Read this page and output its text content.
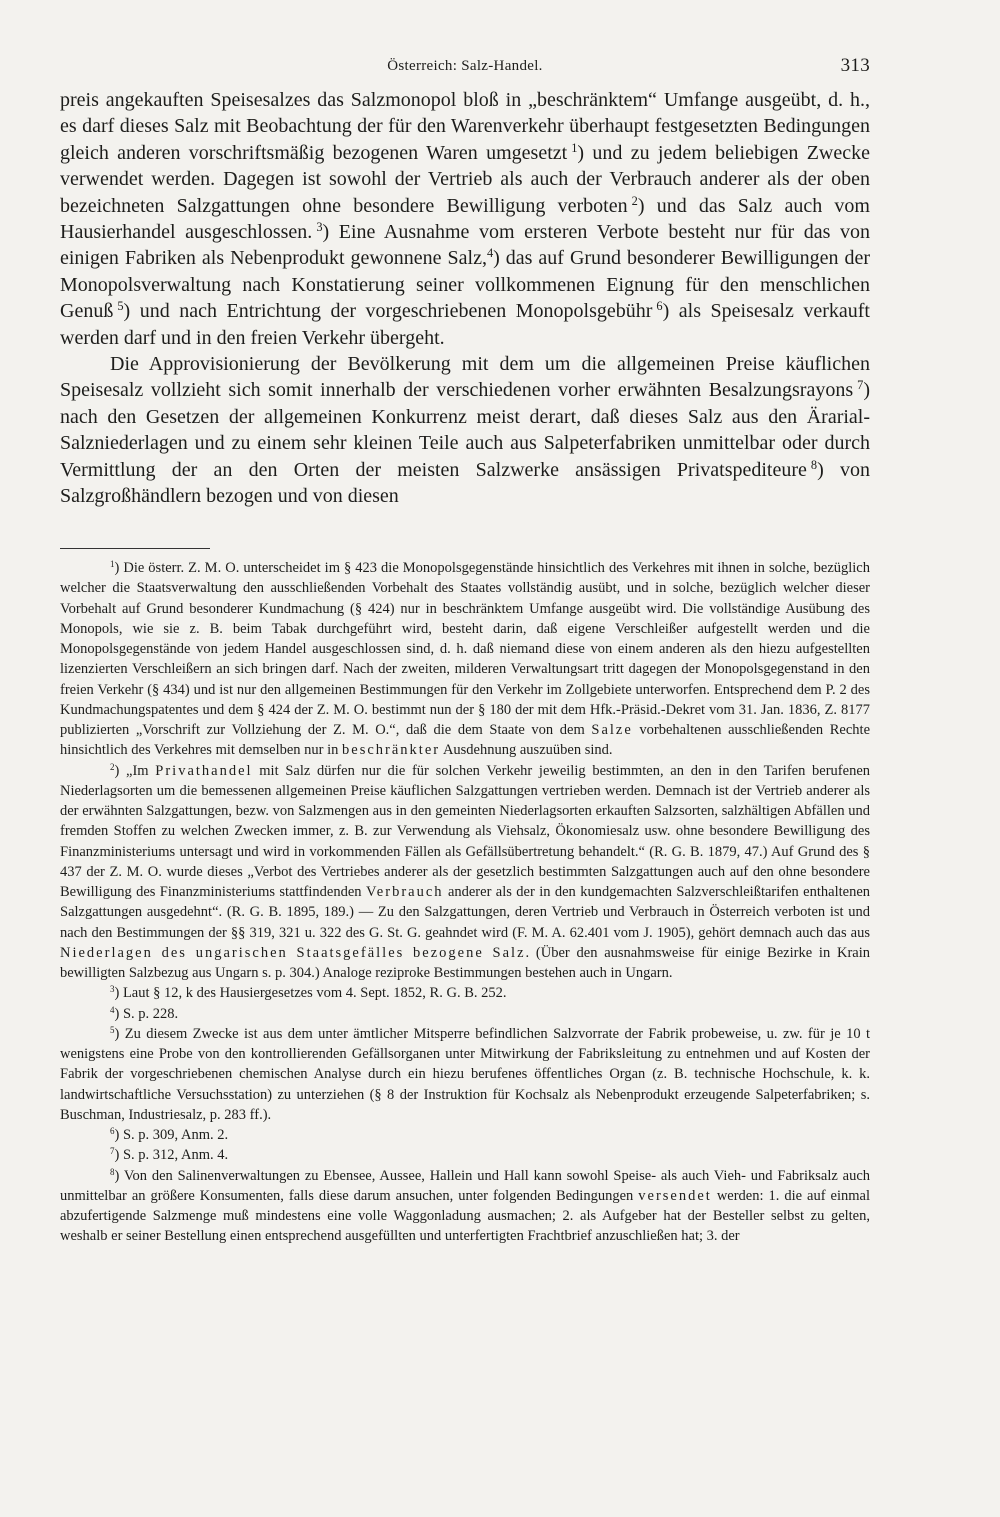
Österreich: Salz-Handel.	313

preis angekauften Speisesalzes das Salzmonopol bloß in „beschränktem“ Umfange ausgeübt, d. h., es darf dieses Salz mit Beobachtung der für den Warenverkehr überhaupt festgesetzten Bedingungen gleich anderen vorschriftsmäßig bezogenen Waren umgesetzt  $^1$) und zu jedem beliebigen Zwecke verwendet werden. Dagegen ist sowohl der Vertrieb als auch der Verbrauch anderer als der oben bezeichneten Salzgattungen ohne besondere Bewilligung verboten  $^2$) und das Salz auch vom Hausierhandel ausgeschlossen.  $^3$) Eine Ausnahme vom ersteren Verbote besteht nur für das von einigen Fabriken als Nebenprodukt gewonnene Salz,$^4$) das auf Grund besonderer Bewilligungen der Monopolsverwaltung nach Konstatierung seiner vollkommenen Eignung für den menschlichen Genuß  $^5$) und nach Entrichtung der vorgeschriebenen Monopolsgebühr  $^6$) als Speisesalz verkauft werden darf und in den freien Verkehr übergeht.

Die Approvisionierung der Bevölkerung mit dem um die allgemeinen Preise käuflichen Speisesalz vollzieht sich somit innerhalb der verschiedenen vorher erwähnten Besalzungsrayons  $^7$) nach den Gesetzen der allgemeinen Konkurrenz meist derart, daß dieses Salz aus den Ärarial-Salzniederlagen und zu einem sehr kleinen Teile auch aus Salpeterfabriken unmittelbar oder durch Vermittlung der an den Orten der meisten Salzwerke ansässigen Privatspediteure  $^8$) von Salzgroßhändlern bezogen und von diesen

$^1$) Die österr. Z. M. O. unterscheidet im § 423 die Monopolsgegenstände hinsichtlich des Verkehres mit ihnen in solche, bezüglich welcher die Staatsverwaltung den ausschließenden Vorbehalt des Staates vollständig ausübt, und in solche, bezüglich welcher dieser Vorbehalt auf Grund besonderer Kundmachung (§ 424) nur in beschränktem Umfange ausgeübt wird. Die vollständige Ausübung des Monopols, wie sie z. B. beim Tabak durchgeführt wird, besteht darin, daß eigene Verschleißer aufgestellt werden und die Monopolsgegenstände von jedem Handel ausgeschlossen sind, d. h. daß niemand diese von einem anderen als den hiezu aufgestellten lizenzierten Verschleißern an sich bringen darf. Nach der zweiten, milderen Verwaltungsart tritt dagegen der Monopolsgegenstand in den freien Verkehr (§ 434) und ist nur den allgemeinen Bestimmungen für den Verkehr im Zollgebiete unterworfen. Entsprechend dem P. 2 des Kundmachungspatentes und dem § 424 der Z. M. O. bestimmt nun der § 180 der mit dem Hfk.-Präsid.-Dekret vom 31. Jan. 1836, Z. 8177 publizierten „Vorschrift zur Vollziehung der Z. M. O.“, daß die dem Staate von dem Salze vorbehaltenen ausschließenden Rechte hinsichtlich des Verkehres mit demselben nur in beschränkter Ausdehnung auszuüben sind.

$^2$) „Im Privathandel mit Salz dürfen nur die für solchen Verkehr jeweilig bestimmten, an den in den Tarifen berufenen Niederlagsorten um die bemessenen allgemeinen Preise käuflichen Salzgattungen vertrieben werden. Demnach ist der Vertrieb anderer als der erwähnten Salzgattungen, bezw. von Salzmengen aus in den gemeinten Niederlagsorten erkauften Salzsorten, salzhältigen Abfällen und fremden Stoffen zu welchen Zwecken immer, z. B. zur Verwendung als Viehsalz, Ökonomiesalz usw. ohne besondere Bewilligung des Finanzministeriums untersagt und wird in vorkommenden Fällen als Gefällsübertretung behandelt.“ (R. G. B. 1879, 47.) Auf Grund des § 437 der Z. M. O. wurde dieses „Verbot des Vertriebes anderer als der gesetzlich bestimmten Salzgattungen auch auf den ohne besondere Bewilligung des Finanzministeriums stattfindenden Verbrauch anderer als der in den kundgemachten Salzverschleißtarifen enthaltenen Salzgattungen ausgedehnt“. (R. G. B. 1895, 189.) — Zu den Salzgattungen, deren Vertrieb und Verbrauch in Österreich verboten ist und nach den Bestimmungen der §§ 319, 321 u. 322 des G. St. G. geahndet wird (F. M. A. 62.401 vom J. 1905), gehört demnach auch das aus Niederlagen des ungarischen Staatsgefälles bezogene Salz. (Über den ausnahmsweise für einige Bezirke in Krain bewilligten Salzbezug aus Ungarn s. p. 304.) Analoge reziproke Bestimmungen bestehen auch in Ungarn.

$^3$) Laut § 12, k des Hausiergesetzes vom 4. Sept. 1852, R. G. B. 252.

$^4$) S. p. 228.

$^5$) Zu diesem Zwecke ist aus dem unter ämtlicher Mitsperre befindlichen Salzvorrate der Fabrik probeweise, u. zw. für je 10 t wenigstens eine Probe von den kontrollierenden Gefällsorganen unter Mitwirkung der Fabriksleitung zu entnehmen und auf Kosten der Fabrik der vorgeschriebenen chemischen Analyse durch ein hiezu berufenes öffentliches Organ (z. B. technische Hochschule, k. k. landwirtschaftliche Versuchsstation) zu unterziehen (§ 8 der Instruktion für Kochsalz als Nebenprodukt erzeugende Salpeterfabriken; s. Buschman, Industriesalz, p. 283 ff.).

$^6$) S. p. 309, Anm. 2.

$^7$) S. p. 312, Anm. 4.

$^8$) Von den Salinenverwaltungen zu Ebensee, Aussee, Hallein und Hall kann sowohl Speise- als auch Vieh- und Fabriksalz auch unmittelbar an größere Konsumenten, falls diese darum ansuchen, unter folgenden Bedingungen versendet werden: 1. die auf einmal abzufertigende Salzmenge muß mindestens eine volle Waggonladung ausmachen; 2. als Aufgeber hat der Besteller selbst zu gelten, weshalb er seiner Bestellung einen entsprechend ausgefüllten und unterfertigten Frachtbrief anzuschließen hat; 3. der
